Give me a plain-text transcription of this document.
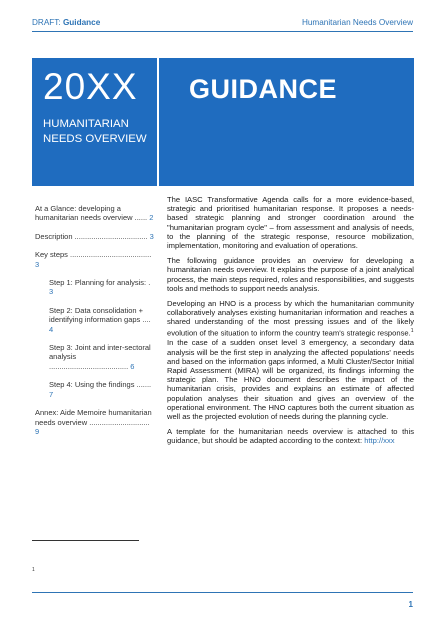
DRAFT: Guidance	Humanitarian Needs Overview
20XX
HUMANITARIAN
NEEDS OVERVIEW
GUIDANCE
At a Glance: developing a humanitarian needs overview ...... 2
Description ................................... 3
Key steps ....................................... 3
Step 1: Planning for analysis: . 3
Step 2: Data consolidation + identifying information gaps .... 4
Step 3: Joint and inter-sectoral analysis ...................................... 6
Step 4: Using the findings ....... 7
Annex: Aide Memoire humanitarian needs overview ............................. 9

The IASC Transformative Agenda calls for a more evidence-based, strategic and prioritised humanitarian response. It proposes a needs-based strategic planning and stronger coordination around the "humanitarian program cycle" – from assessment and analysis of needs, to the planning of the strategic response, resource mobilization, implementation, monitoring and evaluation of operations.

The following guidance provides an overview for developing a humanitarian needs overview. It explains the purpose of a joint analytical process, the main steps required, roles and responsibilities, and suggests tools and methods to support needs analysis.

Developing an HNO is a process by which the humanitarian community collaboratively analyses existing humanitarian information and reaches a shared understanding of the most pressing issues and of the likely evolution of the situation to inform the country team's strategic response.$^1$

In the case of a sudden onset level 3 emergency, a secondary data analysis will be the first step in analyzing the affected populations' needs and based on the information gaps informed, a Multi Cluster/Sector Initial Rapid Assessment (MIRA) will be organized, its findings informing the strategic plan. The HNO document describes the impact of the humanitarian crisis, provides and explains an estimate of affected population analyses their situation and gives an overview of the operational environment. The HNO captures both the current situation as well as the projected evolution of needs during the planning cycle.

A template for the humanitarian needs overview is attached to this guidance, but should be adapted according to the context: http://xxx

1
1
